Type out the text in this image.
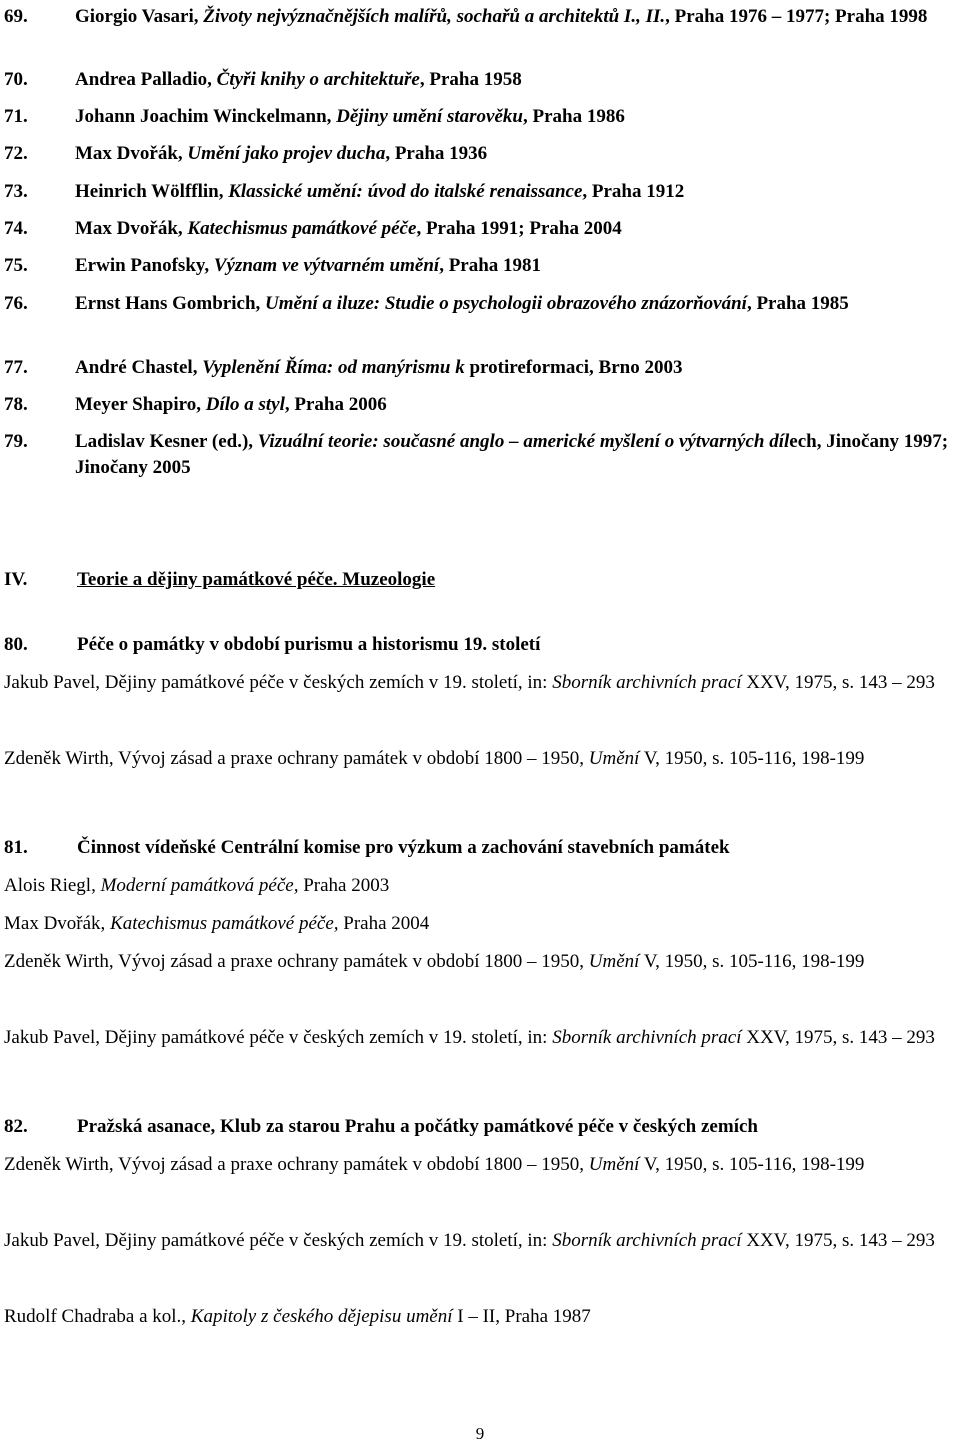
69. Giorgio Vasari, Životy nejvýznačnějších malířů, sochařů a architektů I., II., Praha 1976 – 1977; Praha 1998
70. Andrea Palladio, Čtyři knihy o architektuře, Praha 1958
71. Johann Joachim Winckelmann, Dějiny umění starověku, Praha 1986
72. Max Dvořák, Umění jako projev ducha, Praha 1936
73. Heinrich Wölfflin, Klassické umění: úvod do italské renaissance, Praha 1912
74. Max Dvořák, Katechismus památkové péče, Praha 1991; Praha 2004
75. Erwin Panofsky, Význam ve výtvarném umění, Praha 1981
76. Ernst Hans Gombrich, Umění a iluze: Studie o psychologii obrazového znázorňování, Praha 1985
77. André Chastel, Vyplenění Říma: od manýrismu k protireformaci, Brno 2003
78. Meyer Shapiro, Dílo a styl, Praha 2006
79. Ladislav Kesner (ed.), Vizuální teorie: současné anglo – americké myšlení o výtvarných dílech, Jinočany 1997; Jinočany 2005
IV.	Teorie a dějiny památkové péče. Muzeologie
80.	Péče o památky v období purismu a historismu 19. století
Jakub Pavel, Dějiny památkové péče v českých zemích v 19. století, in: Sborník archivních prací XXV, 1975, s. 143 – 293
Zdeněk Wirth, Vývoj zásad a praxe ochrany památek v období 1800 – 1950, Umění V, 1950, s. 105-116, 198-199
81.	Činnost vídeňské Centrální komise pro výzkum a zachování stavebních památek
Alois Riegl, Moderní památková péče, Praha 2003
Max Dvořák, Katechismus památkové péče, Praha 2004
Zdeněk Wirth, Vývoj zásad a praxe ochrany památek v období 1800 – 1950, Umění V, 1950, s. 105-116, 198-199
Jakub Pavel, Dějiny památkové péče v českých zemích v 19. století, in: Sborník archivních prací XXV, 1975, s. 143 – 293
82.	Pražská asanace, Klub za starou Prahu a počátky památkové péče v českých zemích
Zdeněk Wirth, Vývoj zásad a praxe ochrany památek v období 1800 – 1950, Umění V, 1950, s. 105-116, 198-199
Jakub Pavel, Dějiny památkové péče v českých zemích v 19. století, in: Sborník archivních prací XXV, 1975, s. 143 – 293
Rudolf Chadraba a kol., Kapitoly z českého dějepisu umění I – II, Praha 1987
9
